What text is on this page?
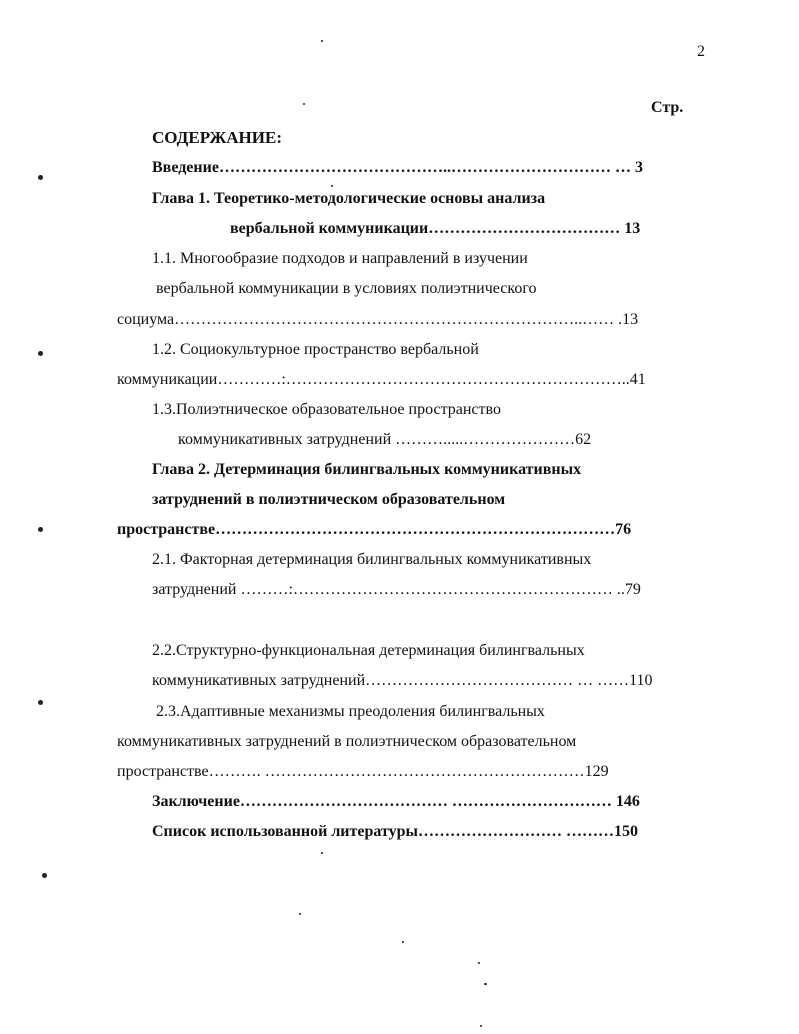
2
Стр.
СОДЕРЖАНИЕ:
Введение……………………………………..………………………… … 3
Глава 1. Теоретико-методологические основы анализа
вербальной коммуникации……………………………… 13
1.1. Многообразие подходов и направлений в изучении
вербальной коммуникации в условиях полиэтнического
социума…………………………………………………………………..…… .13
1.2. Социокультурное пространство вербальной
коммуникации…………:………………………………………………………..41
1.3.Полиэтническое образовательное пространство
коммуникативных затруднений ……….....…………………62
Глава 2. Детерминация билингвальных коммуникативных
затруднений в полиэтническом образовательном
пространстве…………………………………………………………………76
2.1. Факторная детерминация билингвальных коммуникативных
затруднений ………:…………………………………………………… ..79
2.2.Структурно-функциональная детерминация билингвальных
коммуникативных затруднений………………………………… … ……110
2.3.Адаптивные механизмы преодоления билингвальных
коммуникативных затруднений в полиэтническом образовательном
пространстве………. ……………………………………………………129
Заключение………………………………… ………………………… 146
Список использованной литературы……………………… ………150
